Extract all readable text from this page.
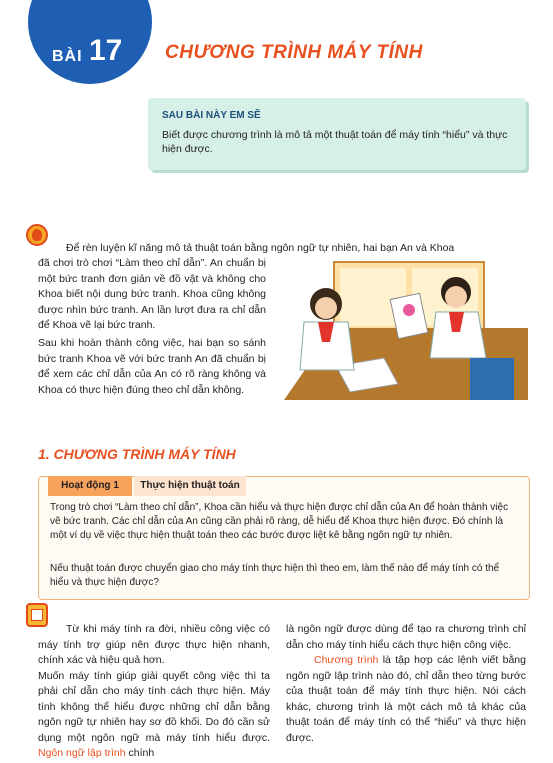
BÀI 17 CHƯƠNG TRÌNH MÁY TÍNH
SAU BÀI NÀY EM SẼ
Biết được chương trình là mô tả một thuật toán để máy tính “hiểu” và thực hiện được.

Để rèn luyện kĩ năng mô tả thuật toán bằng ngôn ngữ tự nhiên, hai bạn An và Khoa

đã chơi trò chơi “Làm theo chỉ dẫn”. An chuẩn bị một bức tranh đơn giản về đồ vật và không cho Khoa biết nội dung bức tranh. Khoa cũng không được nhìn bức tranh. An lần lượt đưa ra chỉ dẫn để Khoa vẽ lại bức tranh.

Sau khi hoàn thành công việc, hai bạn so sánh bức tranh Khoa vẽ với bức tranh An đã chuẩn bị để xem các chỉ dẫn của An có rõ ràng không và Khoa có thực hiện đúng theo chỉ dẫn không.

1. CHƯƠNG TRÌNH MÁY TÍNH
Hoạt động 1	Thực hiện thuật toán

Trong trò chơi “Làm theo chỉ dẫn”, Khoa cần hiểu và thực hiện được chỉ dẫn của An để hoàn thành việc vẽ bức tranh. Các chỉ dẫn của An cũng cần phải rõ ràng, dễ hiểu để Khoa thực hiện được. Đó chính là một ví dụ về việc thực hiện thuật toán theo các bước được liệt kê bằng ngôn ngữ tự nhiên.

Nếu thuật toán được chuyển giao cho máy tính thực hiện thì theo em, làm thế nào để máy tính có thể hiểu và thực hiện được?

Từ khi máy tính ra đời, nhiều công việc có máy tính trợ giúp nên được thực hiện nhanh, chính xác và hiệu quả hơn.

Muốn máy tính giúp giải quyết công việc thì ta phải chỉ dẫn cho máy tính cách thực hiện. Máy tính không thể hiểu được những chỉ dẫn bằng ngôn ngữ tự nhiên hay sơ đồ khối. Do đó cần sử dụng một ngôn ngữ mà máy tính hiểu được. Ngôn ngữ lập trình chính

là ngôn ngữ được dùng để tạo ra chương trình chỉ dẫn cho máy tính hiểu cách thực hiện công việc.

Chương trình là tập hợp các lệnh viết bằng ngôn ngữ lập trình nào đó, chỉ dẫn theo từng bước của thuật toán để máy tính thực hiện. Nói cách khác, chương trình là một cách mô tả khác của thuật toán để máy tính có thể “hiểu” và thực hiện được.
